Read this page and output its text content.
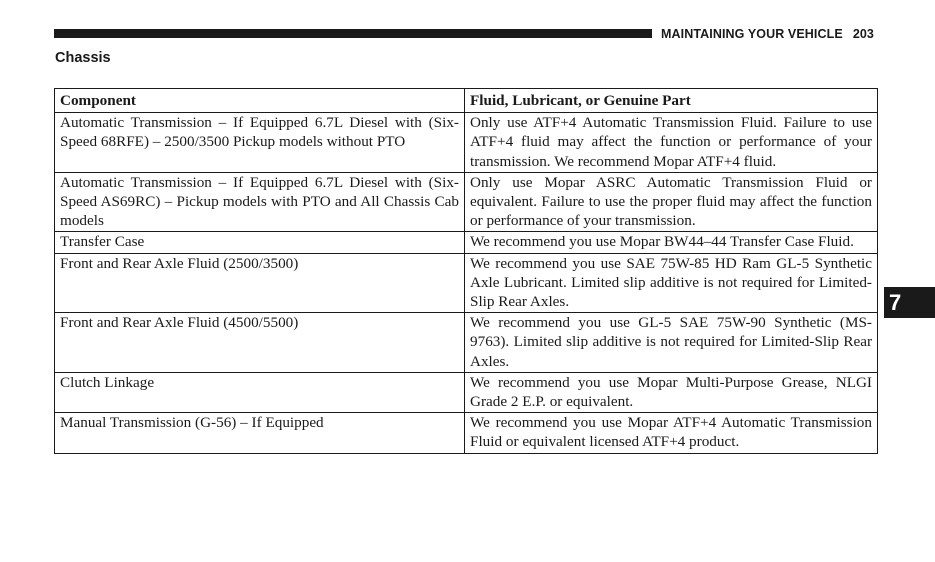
MAINTAINING YOUR VEHICLE 203
Chassis
Component	Fluid, Lubricant, or Genuine Part
Automatic Transmission – If Equipped 6.7L Diesel with (Six-Speed 68RFE) – 2500/3500 Pickup models without PTO	Only use ATF+4 Automatic Transmission Fluid. Failure to use ATF+4 fluid may affect the function or performance of your transmission. We recommend Mopar ATF+4 fluid.
Automatic Transmission – If Equipped 6.7L Diesel with (Six-Speed AS69RC) – Pickup models with PTO and All Chassis Cab models	Only use Mopar ASRC Automatic Transmission Fluid or equivalent. Failure to use the proper fluid may affect the function or performance of your transmission.
Transfer Case	We recommend you use Mopar BW44–44 Transfer Case Fluid.
Front and Rear Axle Fluid (2500/3500)	We recommend you use SAE 75W-85 HD Ram GL-5 Synthetic Axle Lubricant. Limited slip additive is not required for Limited-Slip Rear Axles.
Front and Rear Axle Fluid (4500/5500)	We recommend you use GL-5 SAE 75W-90 Synthetic (MS-9763). Limited slip additive is not required for Limited-Slip Rear Axles.
Clutch Linkage	We recommend you use Mopar Multi-Purpose Grease, NLGI Grade 2 E.P. or equivalent.
Manual Transmission (G-56) – If Equipped	We recommend you use Mopar ATF+4 Automatic Transmission Fluid or equivalent licensed ATF+4 product.
7
